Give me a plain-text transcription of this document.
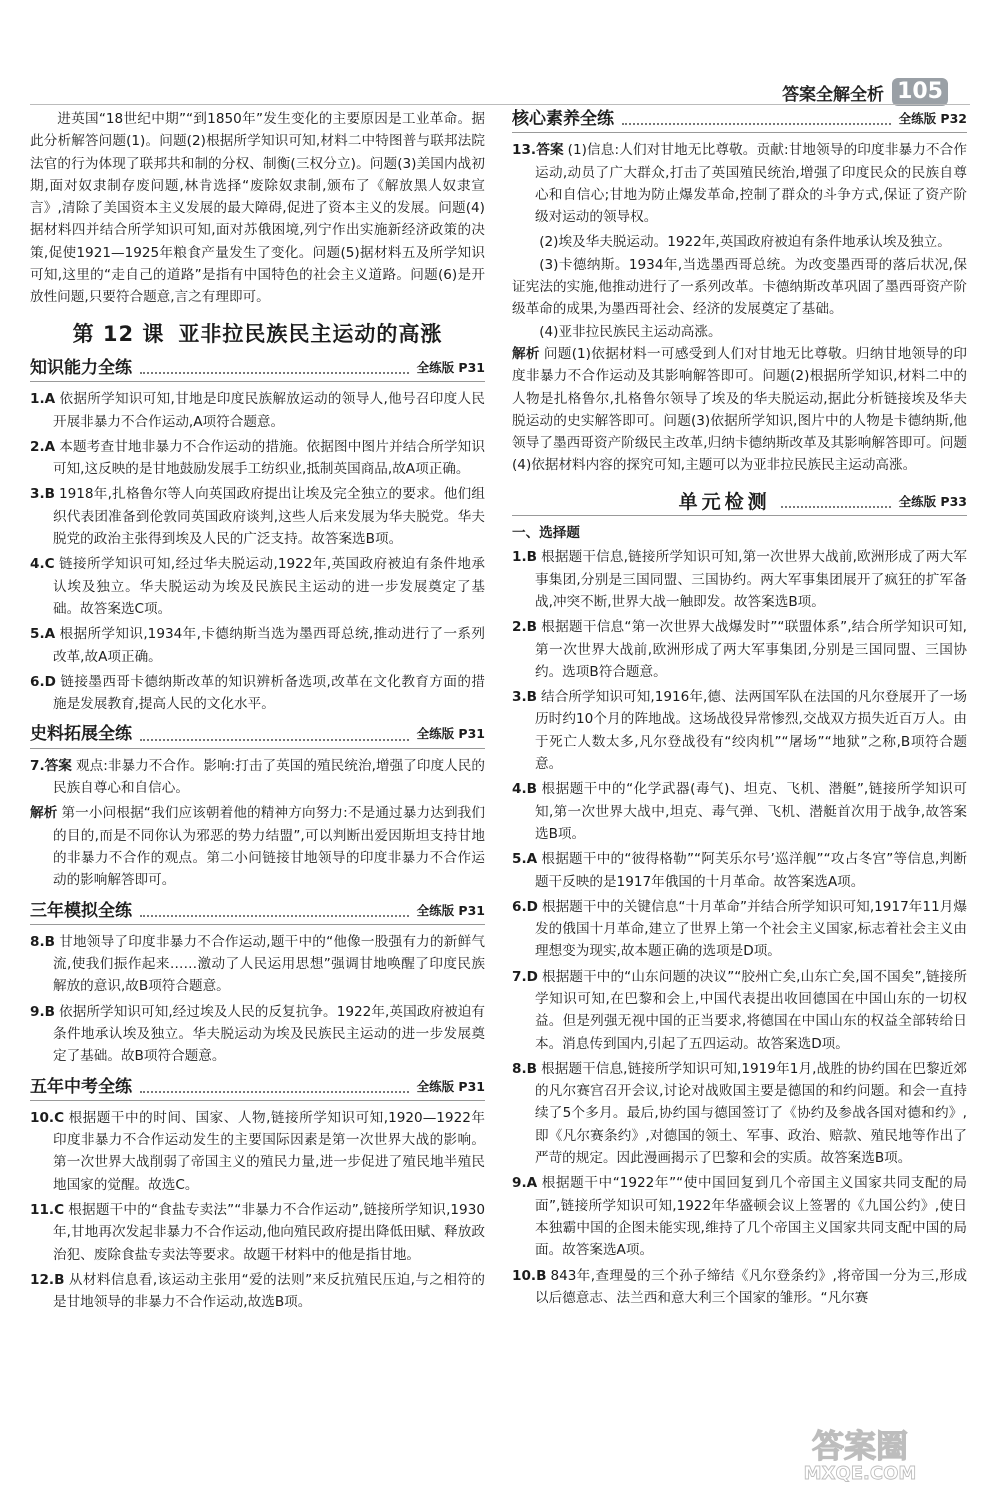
答案全解全析 105

进英国“18世纪中期”“到1850年”发生变化的主要原因是工业革命。据此分析解答问题(1)。问题(2)根据所学知识可知,材料二中特图普与联邦法院法官的行为体现了联邦共和制的分权、制衡(三权分立)。问题(3)美国内战初期,面对奴隶制存废问题,林肯选择“废除奴隶制,颁布了《解放黑人奴隶宣言》,清除了美国资本主义发展的最大障碍,促进了资本主义的发展。问题(4)据材料四并结合所学知识可知,面对苏俄困境,列宁作出实施新经济政策的决策,促使1921—1925年粮食产量发生了变化。问题(5)据材料五及所学知识可知,这里的“走自己的道路”是指有中国特色的社会主义道路。问题(6)是开放性问题,只要符合题意,言之有理即可。

第 12 课 亚非拉民族民主运动的高涨
知识能力全练	全练版 P31

1.A 依据所学知识可知,甘地是印度民族解放运动的领导人,他号召印度人民开展非暴力不合作运动,A项符合题意。

2.A 本题考查甘地非暴力不合作运动的措施。依据图中图片并结合所学知识可知,这反映的是甘地鼓励发展手工纺织业,抵制英国商品,故A项正确。

3.B 1918年,扎格鲁尔等人向英国政府提出让埃及完全独立的要求。他们组织代表团准备到伦敦同英国政府谈判,这些人后来发展为华夫脱党。华夫脱党的政治主张得到埃及人民的广泛支持。故答案选B项。

4.C 链接所学知识可知,经过华夫脱运动,1922年,英国政府被迫有条件地承认埃及独立。华夫脱运动为埃及民族民主运动的进一步发展奠定了基础。故答案选C项。

5.A 根据所学知识,1934年,卡德纳斯当选为墨西哥总统,推动进行了一系列改革,故A项正确。

6.D 链接墨西哥卡德纳斯改革的知识辨析备选项,改革在文化教育方面的措施是发展教育,提高人民的文化水平。

史料拓展全练	全练版 P31

7.答案 观点:非暴力不合作。影响:打击了英国的殖民统治,增强了印度人民的民族自尊心和自信心。

解析 第一小问根据“我们应该朝着他的精神方向努力:不是通过暴力达到我们的目的,而是不同你认为邪恶的势力结盟”,可以判断出爱因斯坦支持甘地的非暴力不合作的观点。第二小问链接甘地领导的印度非暴力不合作运动的影响解答即可。

三年模拟全练	全练版 P31

8.B 甘地领导了印度非暴力不合作运动,题干中的“他像一股强有力的新鲜气流,使我们振作起来……激动了人民运用思想”强调甘地唤醒了印度民族解放的意识,故B项符合题意。

9.B 依据所学知识可知,经过埃及人民的反复抗争。1922年,英国政府被迫有条件地承认埃及独立。华夫脱运动为埃及民族民主运动的进一步发展奠定了基础。故B项符合题意。

五年中考全练	全练版 P31

10.C 根据题干中的时间、国家、人物,链接所学知识可知,1920—1922年印度非暴力不合作运动发生的主要国际因素是第一次世界大战的影响。第一次世界大战削弱了帝国主义的殖民力量,进一步促进了殖民地半殖民地国家的觉醒。故选C。

11.C 根据题干中的“食盐专卖法”“非暴力不合作运动”,链接所学知识,1930年,甘地再次发起非暴力不合作运动,他向殖民政府提出降低田赋、释放政治犯、废除食盐专卖法等要求。故题干材料中的他是指甘地。

12.B 从材料信息看,该运动主张用“爱的法则”来反抗殖民压迫,与之相符的是甘地领导的非暴力不合作运动,故选B项。

核心素养全练	全练版 P32

13.答案 (1)信息:人们对甘地无比尊敬。贡献:甘地领导的印度非暴力不合作运动,动员了广大群众,打击了英国殖民统治,增强了印度民众的民族自尊心和自信心;甘地为防止爆发革命,控制了群众的斗争方式,保证了资产阶级对运动的领导权。

(2)埃及华夫脱运动。1922年,英国政府被迫有条件地承认埃及独立。

(3)卡德纳斯。1934年,当选墨西哥总统。为改变墨西哥的落后状况,保证宪法的实施,他推动进行了一系列改革。卡德纳斯改革巩固了墨西哥资产阶级革命的成果,为墨西哥社会、经济的发展奠定了基础。

(4)亚非拉民族民主运动高涨。

解析 问题(1)依据材料一可感受到人们对甘地无比尊敬。归纳甘地领导的印度非暴力不合作运动及其影响解答即可。问题(2)根据所学知识,材料二中的人物是扎格鲁尔,扎格鲁尔领导了埃及的华夫脱运动,据此分析链接埃及华夫脱运动的史实解答即可。问题(3)依据所学知识,图片中的人物是卡德纳斯,他领导了墨西哥资产阶级民主改革,归纳卡德纳斯改革及其影响解答即可。问题(4)依据材料内容的探究可知,主题可以为亚非拉民族民主运动高涨。

单元检测	全练版 P33
一、选择题

1.B 根据题干信息,链接所学知识可知,第一次世界大战前,欧洲形成了两大军事集团,分别是三国同盟、三国协约。两大军事集团展开了疯狂的扩军备战,冲突不断,世界大战一触即发。故答案选B项。

2.B 根据题干信息“第一次世界大战爆发时”“联盟体系”,结合所学知识可知,第一次世界大战前,欧洲形成了两大军事集团,分别是三国同盟、三国协约。选项B符合题意。

3.B 结合所学知识可知,1916年,德、法两国军队在法国的凡尔登展开了一场历时约10个月的阵地战。这场战役异常惨烈,交战双方损失近百万人。由于死亡人数太多,凡尔登战役有“绞肉机”“屠场”“地狱”之称,B项符合题意。

4.B 根据题干中的“化学武器(毒气)、坦克、飞机、潜艇”,链接所学知识可知,第一次世界大战中,坦克、毒气弹、飞机、潜艇首次用于战争,故答案选B项。

5.A 根据题干中的“彼得格勒”“阿芙乐尔号’巡洋舰”“攻占冬宫”等信息,判断题干反映的是1917年俄国的十月革命。故答案选A项。

6.D 根据题干中的关键信息“十月革命”并结合所学知识可知,1917年11月爆发的俄国十月革命,建立了世界上第一个社会主义国家,标志着社会主义由理想变为现实,故本题正确的选项是D项。

7.D 根据题干中的“山东问题的决议”“胶州亡矣,山东亡矣,国不国矣”,链接所学知识可知,在巴黎和会上,中国代表提出收回德国在中国山东的一切权益。但是列强无视中国的正当要求,将德国在中国山东的权益全部转给日本。消息传到国内,引起了五四运动。故答案选D项。

8.B 根据题干信息,链接所学知识可知,1919年1月,战胜的协约国在巴黎近郊的凡尔赛宫召开会议,讨论对战败国主要是德国的和约问题。和会一直持续了5个多月。最后,协约国与德国签订了《协约及参战各国对德和约》,即《凡尔赛条约》,对德国的领土、军事、政治、赔款、殖民地等作出了严苛的规定。因此漫画揭示了巴黎和会的实质。故答案选B项。

9.A 根据题干中“1922年”“使中国回复到几个帝国主义国家共同支配的局面”,链接所学知识可知,1922年华盛顿会议上签署的《九国公约》,使日本独霸中国的企图未能实现,维持了几个帝国主义国家共同支配中国的局面。故答案选A项。

10.B 843年,查理曼的三个孙子缔结《凡尔登条约》,将帝国一分为三,形成以后德意志、法兰西和意大利三个国家的雏形。“凡尔赛

答案圈
MXQE.COM
